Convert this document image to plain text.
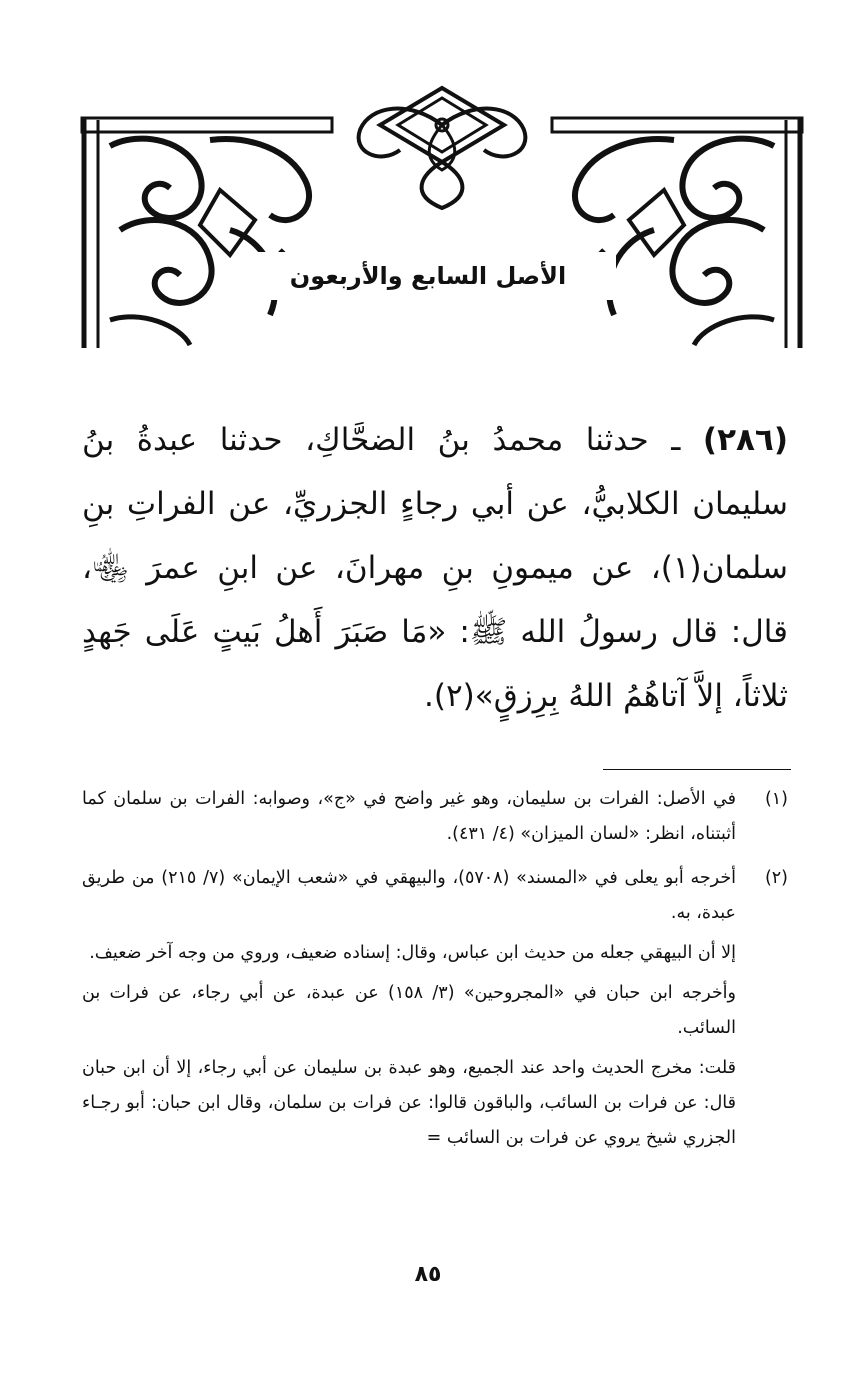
الأصل السابع والأربعون
(٢٨٦) ـ حدثنا محمدُ بنُ الضحَّاكِ، حدثنا عبدةُ بنُ سليمان الكلابيُّ، عن أبي رجاءٍ الجزريِّ، عن الفراتِ بنِ سلمان(١)، عن ميمونِ بنِ مهرانَ، عن ابنِ عمرَ ﵄، قال: قال رسولُ الله ﷺ: «مَا صَبَرَ أَهلُ بَيتٍ عَلَى جَهدٍ ثلاثاً، إلاَّ آتاهُمُ اللهُ بِرِزقٍ»(٢).
(١)

في الأصل: الفرات بن سليمان، وهو غير واضح في «ج»، وصوابه: الفرات بن سلمان كما أثبتناه، انظر: «لسان الميزان» (٤/ ٤٣١).

(٢)

أخرجه أبو يعلى في «المسند» (٥٧٠٨)، والبيهقي في «شعب الإيمان» (٧/ ٢١٥) من طريق عبدة، به.

إلا أن البيهقي جعله من حديث ابن عباس، وقال: إسناده ضعيف، وروي من وجه آخر ضعيف.

وأخرجه ابن حبان في «المجروحين» (٣/ ١٥٨) عن عبدة، عن أبي رجاء، عن فرات بن السائب.

قلت: مخرج الحديث واحد عند الجميع، وهو عبدة بن سليمان عن أبي رجاء، إلا أن ابن حبان قال: عن فرات بن السائب، والباقون قالوا: عن فرات بن سلمان، وقال ابن حبان: أبو رجـاء الجزري شيخ يروي عن فرات بن السائب =

٨٥
